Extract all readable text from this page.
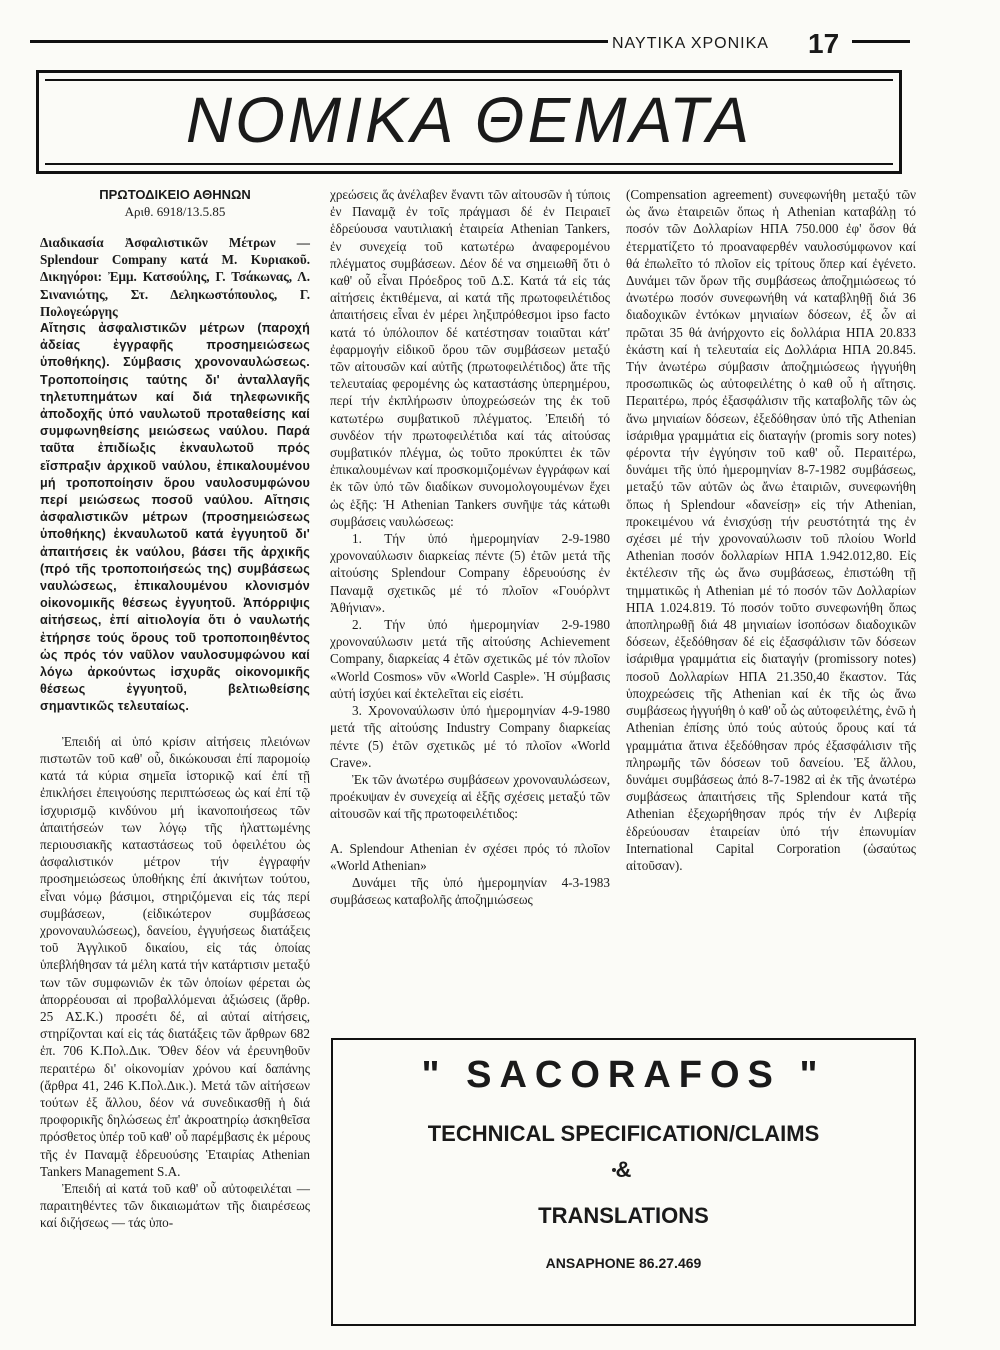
ΝΑΥΤΙΚΑ ΧΡΟΝΙΚΑ 17
ΝΟΜΙΚΑ ΘΕΜΑΤΑ
ΠΡΩΤΟΔΙΚΕΙΟ ΑΘΗΝΩΝ
Αριθ. 6918/13.5.85

Διαδικασία Ἀσφαλιστικῶν Μέτρων — Splendour Company κατά Μ. Κυριακοῦ. Δικηγόροι: Ἐμμ. Κατσούλης, Γ. Τσάκωνας, Λ. Σινανιώτης, Στ. Δεληκωστόπουλος, Γ. Πολογεώργης

Αἴτησις ἀσφαλιστικῶν μέτρων (παροχή ἀδείας ἐγγραφῆς προσημειώσεως ὑποθήκης). Σύμβασις χρονοναυλώσεως. Τροποποίησις ταύτης δι' ἀνταλλαγῆς τηλετυπημάτων καί διά τηλεφωνικῆς ἀποδοχῆς ὑπό ναυλωτοῦ προταθείσης καί συμφωνηθείσης μειώσεως ναύλου. Παρά ταῦτα ἐπιδίωξις ἐκναυλωτοῦ πρός εἴσπραξιν ἀρχικοῦ ναύλου, ἐπικαλουμένου μή τροποποίησιν ὅρου ναυλοσυμφώνου περί μειώσεως ποσοῦ ναύλου. Αἴτησις ἀσφαλιστικῶν μέτρων (προσημειώσεως ὑποθήκης) ἐκναυλωτοῦ κατά ἐγγυητοῦ δι' ἀπαιτήσεις ἐκ ναύλου, βάσει τῆς ἀρχικῆς (πρό τῆς τροποποιήσεώς της) συμβάσεως ναυλώσεως, ἐπικαλουμένου κλονισμόν οἰκονομικῆς θέσεως ἐγγυητοῦ. Ἀπόρριψις αἰτήσεως, ἐπί αἰτιολογία ὅτι ὁ ναυλωτής ἐτήρησε τούς ὅρους τοῦ τροποποιηθέντος ὡς πρός τόν ναῦλον ναυλοσυμφώνου καί λόγω ἀρκούντως ἰσχυρᾶς οἰκονομικῆς θέσεως ἐγγυητοῦ, βελτιωθείσης σημαντικῶς τελευταίως.

Ἐπειδή αἱ ὑπό κρίσιν αἰτήσεις πλειόνων πιστωτῶν τοῦ καθ' οὗ, δικώκουσαι ἐπί παρομοίῳ κατά τά κύρια σημεῖα ἱστορικῷ καί ἐπί τῇ ἐπικλήσει ἐπειγούσης περιπτώσεως ὡς καί ἐπί τῷ ἰσχυρισμῷ κινδύνου μή ἱκανοποιήσεως τῶν ἀπαιτήσεών των λόγῳ τῆς ἠλαττωμένης περιουσιακῆς καταστάσεως τοῦ ὀφειλέτου ὡς ἀσφαλιστικόν μέτρον τήν ἐγγραφήν προσημειώσεως ὑποθήκης ἐπί ἀκινήτων τούτου, εἶναι νόμῳ βάσιμοι, στηριζόμεναι εἰς τάς περί συμβάσεων, (εἰδικώτερον συμβάσεως χρονοναυλώσεως), δανείου, ἐγγυήσεως διατάξεις τοῦ Ἀγγλικοῦ δικαίου, εἰς τάς ὁποίας ὑπεβλήθησαν τά μέλη κατά τήν κατάρτισιν μεταξύ των τῶν συμφωνιῶν ἐκ τῶν ὁποίων φέρεται ὡς ἀπορρέουσαι αἱ προβαλλόμεναι ἀξιώσεις (ἄρθρ. 25 ΑΣ.Κ.) προσέτι δέ, αἱ αὐταί αἰτήσεις, στηρίζονται καί εἰς τάς διατάξεις τῶν ἄρθρων 682 ἐπ. 706 Κ.Πολ.Δικ. Ὅθεν δέον νά ἐρευνηθοῦν περαιτέρω δι' οἰκονομίαν χρόνου καί δαπάνης (ἄρθρα 41, 246 Κ.Πολ.Δικ.). Μετά τῶν αἰτήσεων τούτων ἐξ ἄλλου, δέον νά συνεδικασθῇ ἡ διά προφορικῆς δηλώσεως ἐπ' ἀκροατηρίῳ ἀσκηθεῖσα πρόσθετος ὑπέρ τοῦ καθ' οὗ παρέμβασις ἐκ μέρους τῆς ἐν Παναμᾷ ἑδρευούσης Ἑταιρίας Athenian Tankers Management S.A.

Ἐπειδή αἱ κατά τοῦ καθ' οὗ αὐτοφειλέται — παραιτηθέντες τῶν δικαιωμάτων τῆς διαιρέσεως καί διζήσεως — τάς ὑπο-

χρεώσεις ἅς ἀνέλαβεν ἔναντι τῶν αἰτουσῶν ἡ τύποις ἐν Παναμᾷ ἐν τοῖς πράγμασι δέ ἐν Πειραιεῖ ἑδρεύουσα ναυτιλιακή ἑταιρεία Athenian Tankers, ἐν συνεχείᾳ τοῦ κατωτέρω ἀναφερομένου πλέγματος συμβάσεων. Δέον δέ να σημειωθῆ ὅτι ὁ καθ' οὗ εἶναι Πρόεδρος τοῦ Δ.Σ. Κατά τά εἰς τάς αἰτήσεις ἐκτιθέμενα, αἱ κατά τῆς πρωτοφειλέτιδος ἀπαιτήσεις εἶναι ἐν μέρει ληξιπρόθεσμοι ipso facto κατά τό ὑπόλοιπον δέ κατέστησαν τοιαῦται κάτ' ἐφαρμογήν εἰδικοῦ ὅρου τῶν συμβάσεων μεταξύ τῶν αἰτουσῶν καί αὐτῆς (πρωτοφειλέτιδος) ἅτε τῆς τελευταίας φερομένης ὡς καταστάσης ὑπερημέρου, περί τήν ἐκπλήρωσιν ὑποχρεώσεών της ἐκ τοῦ κατωτέρω συμβατικοῦ πλέγματος. Ἐπειδή τό συνδέον τήν πρωτοφειλέτιδα καί τάς αἰτούσας συμβατικόν πλέγμα, ὡς τοῦτο προκύπτει ἐκ τῶν ἐπικαλουμένων καί προσκομιζομένων ἐγγράφων καί ἐκ τῶν ὑπό τῶν διαδίκων συνομολογουμένων ἔχει ὡς ἑξῆς: Ἡ Athenian Tankers συνῆψε τάς κάτωθι συμβάσεις ναυλώσεως:

1. Τήν ὑπό ἡμερομηνίαν 2-9-1980 χρονοναύλωσιν διαρκείας πέντε (5) ἐτῶν μετά τῆς αἰτούσης Splendour Company ἑδρευούσης ἐν Παναμᾷ σχετικῶς μέ τό πλοῖον «Γουόρλντ Ἀθήνιαν».

2. Τήν ὑπό ἡμερομηνίαν 2-9-1980 χρονοναύλωσιν μετά τῆς αἰτούσης Achievement Company, διαρκείας 4 ἐτῶν σχετικῶς μέ τόν πλοῖον «World Cosmos» νῦν «World Casple». Ἡ σύμβασις αὐτή ἰσχύει καί ἐκτελεῖται εἰς εἰσέτι.

3. Χρονοναύλωσιν ὑπό ἡμερομηνίαν 4-9-1980 μετά τῆς αἰτούσης Industry Company διαρκείας πέντε (5) ἐτῶν σχετικῶς μέ τό πλοῖον «World Crave».

Ἐκ τῶν ἀνωτέρω συμβάσεων χρονοναυλώσεων, προέκυψαν ἐν συνεχείᾳ αἱ ἑξῆς σχέσεις μεταξύ τῶν αἰτουσῶν καί τῆς πρωτοφειλέτιδος:

Α. Splendour Athenian ἐν σχέσει πρός τό πλοῖον «World Athenian»

Δυνάμει τῆς ὑπό ἡμερομηνίαν 4-3-1983 συμβάσεως καταβολῆς ἀποζημιώσεως

(Compensation agreement) συνεφωνήθη μεταξύ τῶν ὡς ἄνω ἑταιρειῶν ὅπως ἡ Athenian καταβάλῃ τό ποσόν τῶν Δολλαρίων ΗΠΑ 750.000 ἐφ' ὅσον θά ἐτερματίζετο τό προαναφερθέν ναυλοσύμφωνον καί θά ἐπωλεῖτο τό πλοῖον εἰς τρίτους ὅπερ καί ἐγένετο. Δυνάμει τῶν ὅρων τῆς συμβάσεως ἀποζημιώσεως τό ἀνωτέρω ποσόν συνεφωνήθη νά καταβληθῇ διά 36 διαδοχικῶν ἐντόκων μηνιαίων δόσεων, ἐξ ὧν αἱ πρῶται 35 θά ἀνήρχοντο εἰς δολλάρια ΗΠΑ 20.833 ἑκάστη καί ἡ τελευταία εἰς Δολλάρια ΗΠΑ 20.845. Τήν ἀνωτέρω σύμβασιν ἀποζημιώσεως ἠγγυήθη προσωπικῶς ὡς αὐτοφειλέτης ὁ καθ οὗ ἡ αἴτησις. Περαιτέρω, πρός ἐξασφάλισιν τῆς καταβολῆς τῶν ὡς ἄνω μηνιαίων δόσεων, ἐξεδόθησαν ὑπό τῆς Athenian ἰσάριθμα γραμμάτια εἰς διαταγήν (promis sory notes) φέροντα τήν ἐγγύησιν τοῦ καθ' οὗ. Περαιτέρω, δυνάμει τῆς ὑπό ἡμερομηνίαν 8-7-1982 συμβάσεως, μεταξύ τῶν αὐτῶν ὡς ἄνω ἑταιριῶν, συνεφωνήθη ὅπως ἡ Splendour «δανείσῃ» εἰς τήν Athenian, προκειμένου νά ἐνισχύσῃ τήν ρευστότητά της ἐν σχέσει μέ τήν χρονοναύλωσιν τοῦ πλοίου World Athenian ποσόν δολλαρίων ΗΠΑ 1.942.012,80. Εἰς ἐκτέλεσιν τῆς ὡς ἄνω συμβάσεως, ἐπιστώθη τῇ τημματικῶς ἡ Athenian μέ τό ποσόν τῶν Δολλαρίων ΗΠΑ 1.024.819. Τό ποσόν τοῦτο συνεφωνήθη ὅπως ἀποπληρωθῇ διά 48 μηνιαίων ἰσοπόσων διαδοχικῶν δόσεων, ἐξεδόθησαν δέ εἰς ἐξασφάλισιν τῶν δόσεων ἰσάριθμα γραμμάτια εἰς διαταγήν (promissory notes) ποσοῦ Δολλαρίων ΗΠΑ 21.350,40 ἕκαστον. Τάς ὑποχρεώσεις τῆς Athenian καί ἐκ τῆς ὡς ἄνω συμβάσεως ἠγγυήθη ὁ καθ' οὗ ὡς αὐτοφειλέτης, ἐνῶ ἡ Athenian ἐπίσης ὑπό τούς αὐτούς ὅρους καί τά γραμμάτια ἅτινα ἐξεδόθησαν πρός ἐξασφάλισιν τῆς πληρωμῆς τῶν δόσεων τοῦ δανείου. Ἐξ ἄλλου, δυνάμει συμβάσεως ἀπό 8-7-1982 αἱ ἐκ τῆς ἀνωτέρω συμβάσεως ἀπαιτήσεις τῆς Splendour κατά τῆς Athenian ἐξεχωρήθησαν πρός τήν ἐν Λιβερίᾳ ἑδρεύουσαν ἑταιρείαν ὑπό τήν ἐπωνυμίαν International Capital Corporation (ὡσαύτως αἰτοῦσαν).

" SACORAFOS "
TECHNICAL SPECIFICATION/CLAIMS
&
TRANSLATIONS
ANSAPHONE 86.27.469
